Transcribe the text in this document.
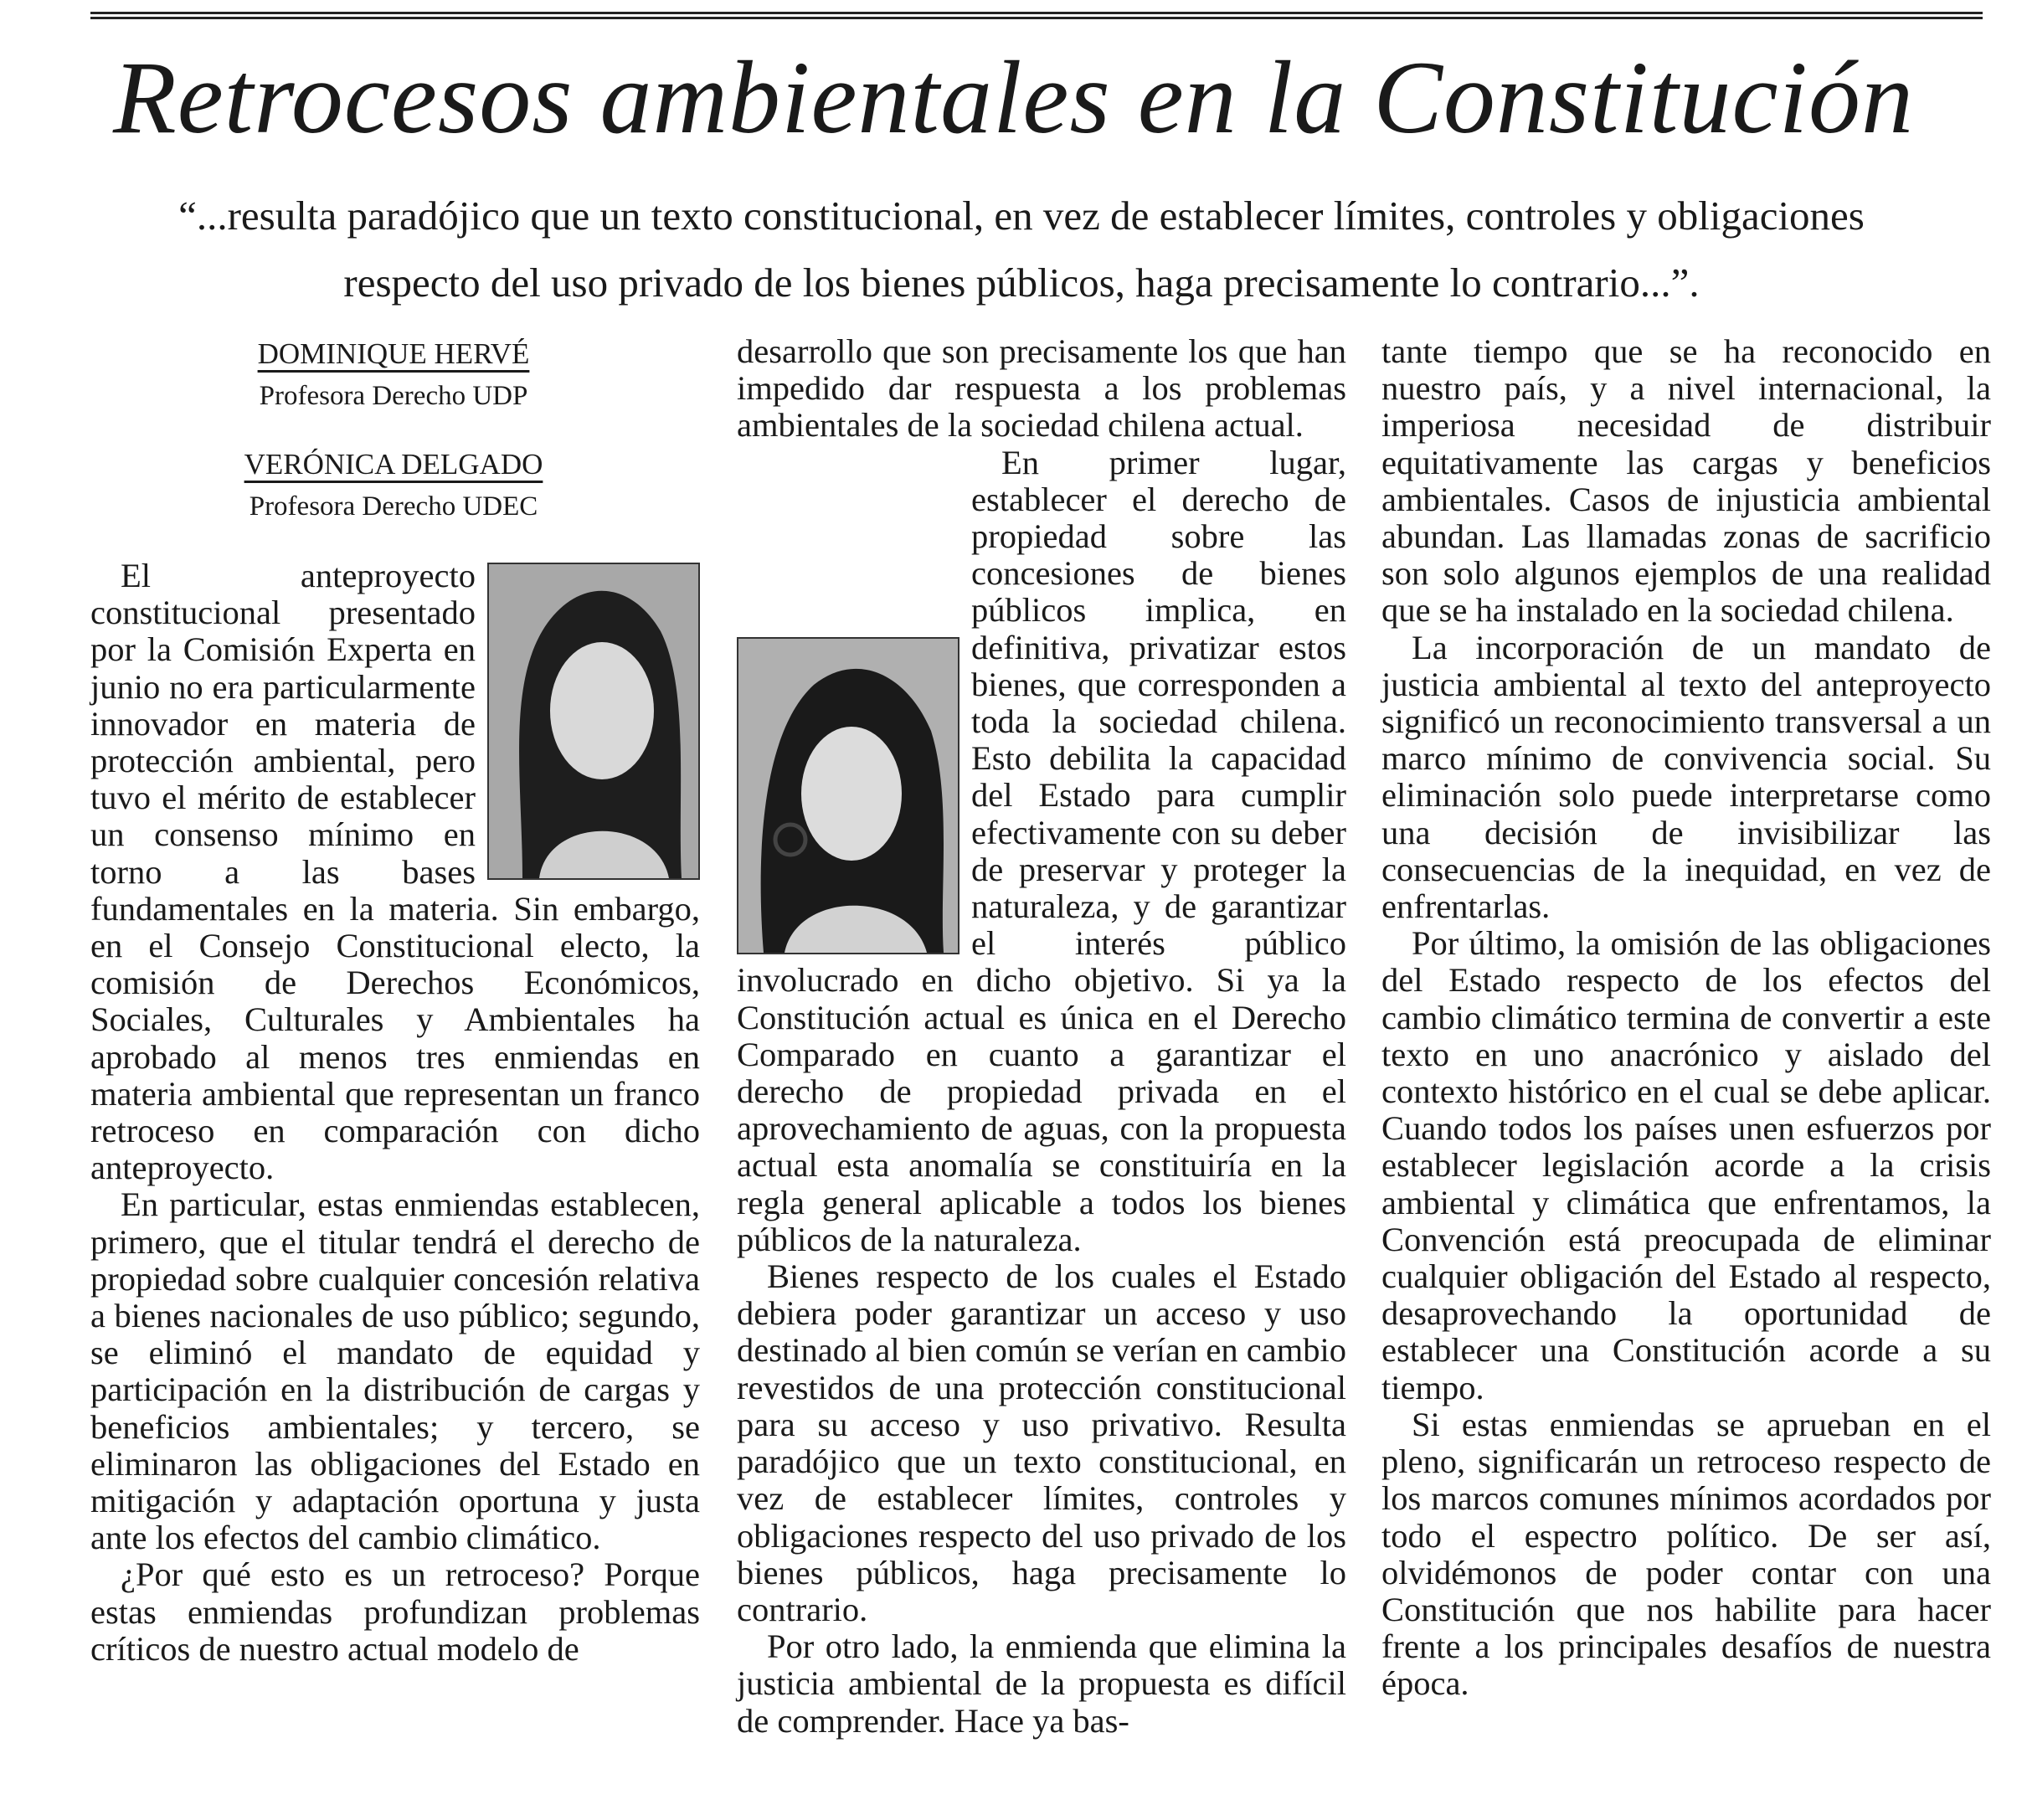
Retrocesos ambientales en la Constitución
“...resulta paradójico que un texto constitucional, en vez de establecer límites, controles y obligaciones respecto del uso privado de los bienes públicos, haga precisamente lo contrario...”.
DOMINIQUE HERVÉ
Profesora Derecho UDP
VERÓNICA DELGADO
Profesora Derecho UDEC

El anteproyecto constitucional presentado por la Comisión Experta en junio no era particularmente innovador en materia de protección ambiental, pero tuvo el mérito de establecer un consenso mínimo en torno a las bases fundamentales en la materia. Sin embargo, en el Consejo Constitucional electo, la comisión de Derechos Económicos, Sociales, Culturales y Ambientales ha aprobado al menos tres enmiendas en materia ambiental que representan un franco retroceso en comparación con dicho anteproyecto.

En particular, estas enmiendas establecen, primero, que el titular tendrá el derecho de propiedad sobre cualquier concesión relativa a bienes nacionales de uso público; segundo, se eliminó el mandato de equidad y participación en la distribución de cargas y beneficios ambientales; y tercero, se eliminaron las obligaciones del Estado en mitigación y adaptación oportuna y justa ante los efectos del cambio climático.

¿Por qué esto es un retroceso? Porque estas enmiendas profundizan problemas críticos de nuestro actual modelo de

desarrollo que son precisamente los que han impedido dar respuesta a los problemas ambientales de la sociedad chilena actual.

En primer lugar, establecer el derecho de propiedad sobre las concesiones de bienes públicos implica, en definitiva, privatizar estos bienes, que corresponden a toda la sociedad chilena. Esto debilita la capacidad del Estado para cumplir efectivamente con su deber de preservar y proteger la naturaleza, y de garantizar el interés público involucrado en dicho objetivo. Si ya la Constitución actual es única en el Derecho Comparado en cuanto a garantizar el derecho de propiedad privada en el aprovechamiento de aguas, con la propuesta actual esta anomalía se constituiría en la regla general aplicable a todos los bienes públicos de la naturaleza.

Bienes respecto de los cuales el Estado debiera poder garantizar un acceso y uso destinado al bien común se verían en cambio revestidos de una protección constitucional para su acceso y uso privativo. Resulta paradójico que un texto constitucional, en vez de establecer límites, controles y obligaciones respecto del uso privado de los bienes públicos, haga precisamente lo contrario.

Por otro lado, la enmienda que elimina la justicia ambiental de la propuesta es difícil de comprender. Hace ya bas-

tante tiempo que se ha reconocido en nuestro país, y a nivel internacional, la imperiosa necesidad de distribuir equitativamente las cargas y beneficios ambientales. Casos de injusticia ambiental abundan. Las llamadas zonas de sacrificio son solo algunos ejemplos de una realidad que se ha instalado en la sociedad chilena.

La incorporación de un mandato de justicia ambiental al texto del anteproyecto significó un reconocimiento transversal a un marco mínimo de convivencia social. Su eliminación solo puede interpretarse como una decisión de invisibilizar las consecuencias de la inequidad, en vez de enfrentarlas.

Por último, la omisión de las obligaciones del Estado respecto de los efectos del cambio climático termina de convertir a este texto en uno anacrónico y aislado del contexto histórico en el cual se debe aplicar. Cuando todos los países unen esfuerzos por establecer legislación acorde a la crisis ambiental y climática que enfrentamos, la Convención está preocupada de eliminar cualquier obligación del Estado al respecto, desaprovechando la oportunidad de establecer una Constitución acorde a su tiempo.

Si estas enmiendas se aprueban en el pleno, significarán un retroceso respecto de los marcos comunes mínimos acordados por todo el espectro político. De ser así, olvidémonos de poder contar con una Constitución que nos habilite para hacer frente a los principales desafíos de nuestra época.
